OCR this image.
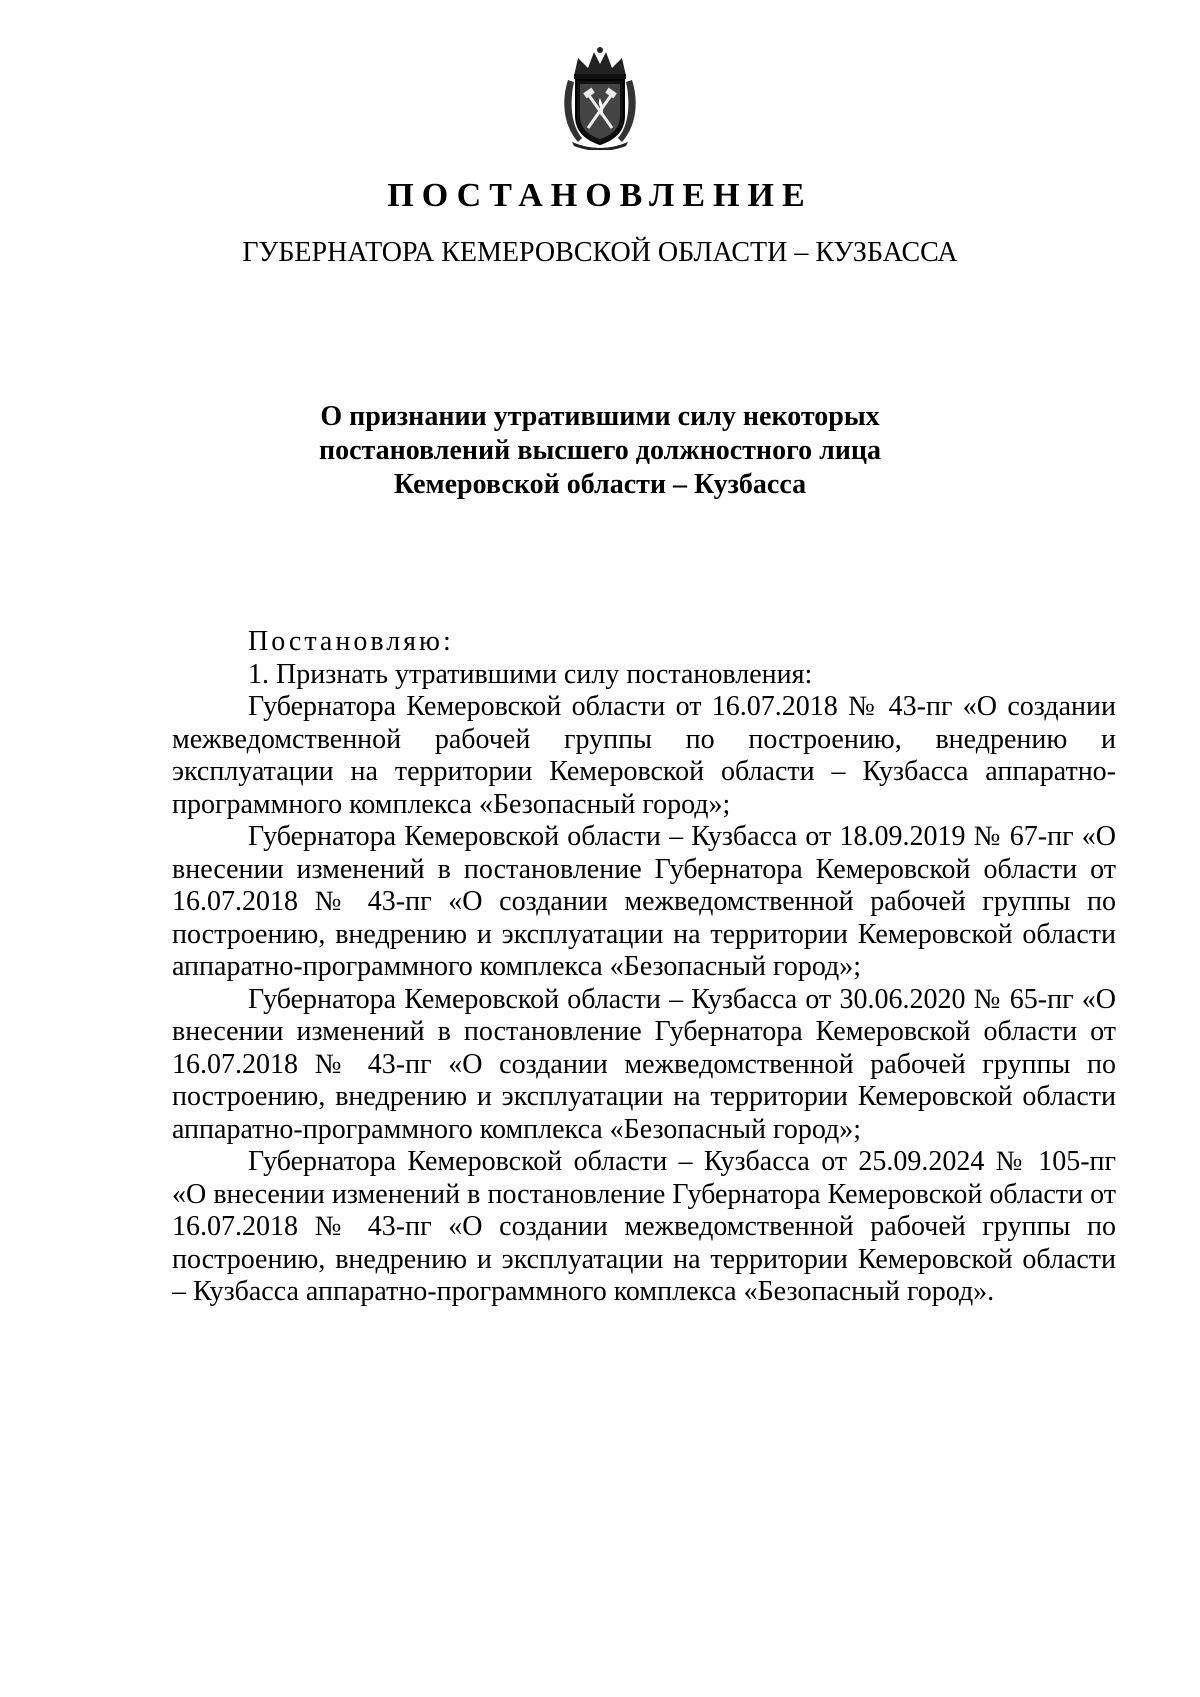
ПОСТАНОВЛЕНИЕ
ГУБЕРНАТОРА КЕМЕРОВСКОЙ ОБЛАСТИ – КУЗБАССА
О признании утратившими силу некоторых
постановлений высшего должностного лица
Кемеровской области – Кузбасса
Постановляю:

1. Признать утратившими силу постановления:

Губернатора Кемеровской области от 16.07.2018 № 43-пг «О создании межведомственной рабочей группы по построению, внедрению и эксплуатации на территории Кемеровской области – Кузбасса аппаратно-программного комплекса «Безопасный город»;

Губернатора Кемеровской области – Кузбасса от 18.09.2019 № 67-пг «О внесении изменений в постановление Губернатора Кемеровской области от 16.07.2018 № 43-пг «О создании межведомственной рабочей группы по построению, внедрению и эксплуатации на территории Кемеровской области аппаратно-программного комплекса «Безопасный город»;

Губернатора Кемеровской области – Кузбасса от 30.06.2020 № 65-пг «О внесении изменений в постановление Губернатора Кемеровской области от 16.07.2018 № 43-пг «О создании межведомственной рабочей группы по построению, внедрению и эксплуатации на территории Кемеровской области аппаратно-программного комплекса «Безопасный город»;

Губернатора Кемеровской области – Кузбасса от 25.09.2024 № 105-пг «О внесении изменений в постановление Губернатора Кемеровской области от 16.07.2018 № 43-пг «О создании межведомственной рабочей группы по построению, внедрению и эксплуатации на территории Кемеровской области – Кузбасса аппаратно-программного комплекса «Безопасный город».
